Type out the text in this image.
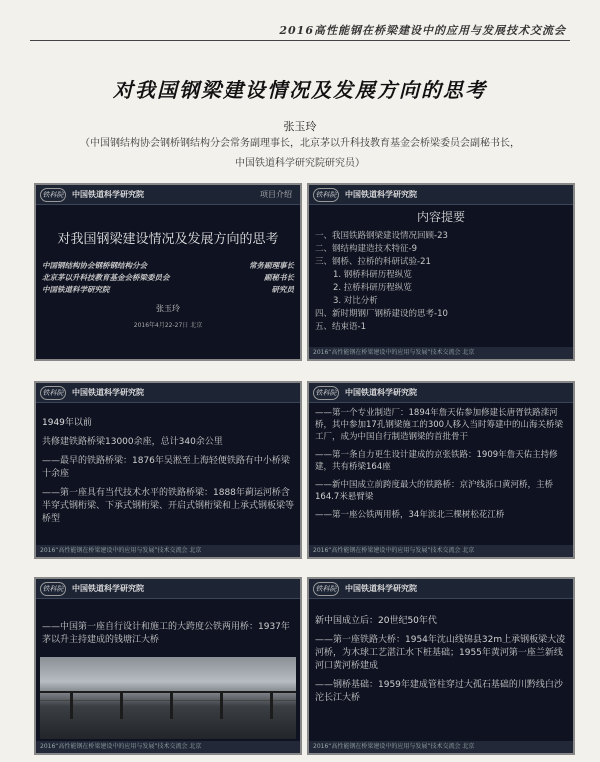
2016高性能钢在桥梁建设中的应用与发展技术交流会
对我国钢梁建设情况及发展方向的思考
张玉玲
（中国钢结构协会钢桥钢结构分会常务副理事长，北京茅以升科技教育基金会桥梁委员会副秘书长，
中国铁道科学研究院研究员）
铁科院	中国铁道科学研究院	项目介绍
对我国钢梁建设情况及发展方向的思考
中国钢结构协会钢桥钢结构分会	常务副理事长
北京茅以升科技教育基金会桥梁委员会	副秘书长
中国铁道科学研究院	研究员
张玉玲
2016年4月22-27日 北京
铁科院	中国铁道科学研究院
内容提要
一、我国铁路钢梁建设情况回顾-23
二、钢结构建造技术特征-9
三、钢桥、拉桥的科研试验-21
1. 钢桥科研历程纵览
2. 拉桥科研历程纵览
3. 对比分析
四、新时期钢厂钢桥建设的思考-10
五、结束语-1
2016“高性能钢在桥梁建设中的应用与发展”技术交流会 北京
铁科院	中国铁道科学研究院
1949年以前
共修建铁路桥梁13000余座，总计340余公里
——最早的铁路桥梁：1876年吴淞至上海轻便铁路有中小桥梁十余座
——第一座具有当代技术水平的铁路桥梁：1888年蓟运河桥含半穿式钢桁梁、下承式钢桁梁、开启式钢桁梁和上承式钢板梁等桥型
2016“高性能钢在桥梁建设中的应用与发展”技术交流会 北京
铁科院	中国铁道科学研究院
——第一个专业制造厂：1894年詹天佑参加修建长唐胥铁路滦河桥，其中参加17孔钢梁施工的300人移入当时筹建中的山海关桥梁工厂，成为中国自行制造钢梁的首批骨干
——第一条自力更生设计建成的京张铁路：1909年詹天佑主持修建，共有桥梁164座
——新中国成立前跨度最大的铁路桥：京沪线泺口黄河桥，主桥164.7米悬臂梁
——第一座公铁两用桥，34年滨北三棵树松花江桥
2016“高性能钢在桥梁建设中的应用与发展”技术交流会 北京
铁科院	中国铁道科学研究院
——中国第一座自行设计和施工的大跨度公铁两用桥：1937年茅以升主持建成的钱塘江大桥
2016“高性能钢在桥梁建设中的应用与发展”技术交流会 北京
铁科院	中国铁道科学研究院
新中国成立后：20世纪50年代
——第一座铁路大桥：1954年沈山线锦县32m上承钢板梁大凌河桥，为木球工艺湛江水下桩基础；1955年黄河第一座兰新线河口黄河桥建成
——钢桥基础：1959年建成管柱穿过大孤石基础的川黔线白沙沱长江大桥
2016“高性能钢在桥梁建设中的应用与发展”技术交流会 北京
